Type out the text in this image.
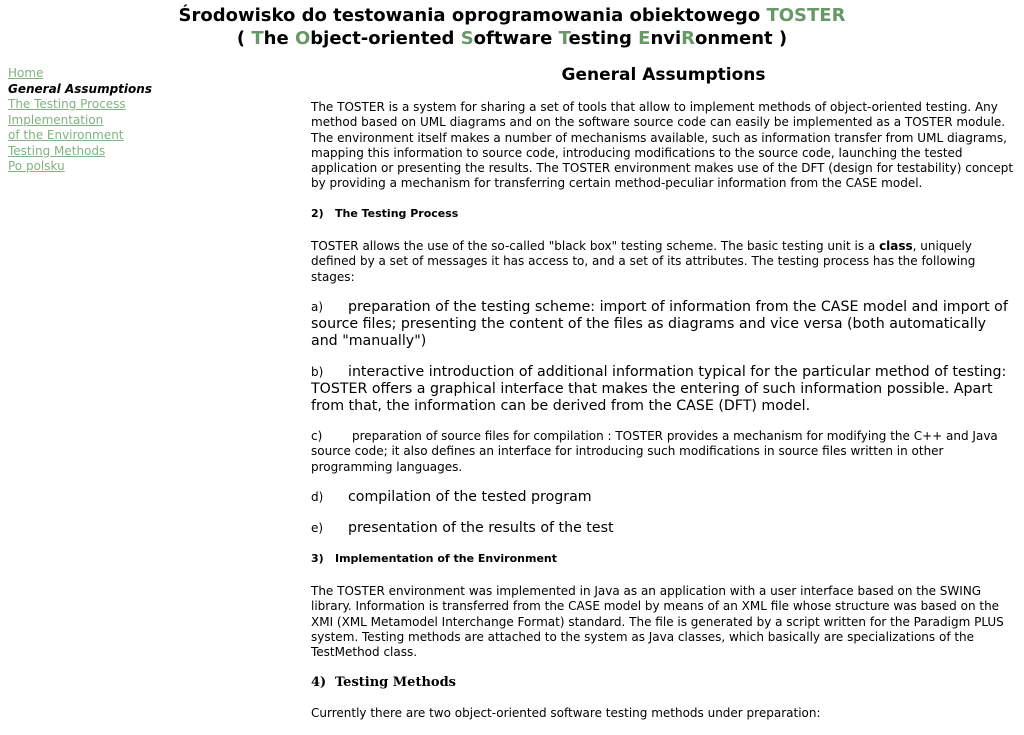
Środowisko do testowania oprogramowania obiektowego TOSTER
( The Object-oriented Software Testing EnviRonment )
Home
General Assumptions
The Testing Process
Implementation
of the Environment
Testing Methods
Po polsku
General Assumptions

The TOSTER is a system for sharing a set of tools that allow to implement methods of object-oriented testing. Any method based on UML diagrams and on the software source code can easily be implemented as a TOSTER module. The environment itself makes a number of mechanisms available, such as information transfer from UML diagrams, mapping this information to source code, introducing modifications to the source code, launching the tested application or presenting the results. The TOSTER environment makes use of the DFT (design for testability) concept by providing a mechanism for transferring certain method-peculiar information from the CASE model.

2) The Testing Process

TOSTER allows the use of the so-called "black box" testing scheme. The basic testing unit is a class, uniquely defined by a set of messages it has access to, and a set of its attributes. The testing process has the following stages:

a) preparation of the testing scheme: import of information from the CASE model and import of source files; presenting the content of the files as diagrams and vice versa (both automatically and "manually")

b) interactive introduction of additional information typical for the particular method of testing: TOSTER offers a graphical interface that makes the entering of such information possible. Apart from that, the information can be derived from the CASE (DFT) model.

c) preparation of source files for compilation : TOSTER provides a mechanism for modifying the C++ and Java source code; it also defines an interface for introducing such modifications in source files written in other programming languages.

d) compilation of the tested program

e) presentation of the results of the test

3) Implementation of the Environment

The TOSTER environment was implemented in Java as an application with a user interface based on the SWING library. Information is transferred from the CASE model by means of an XML file whose structure was based on the XMI (XML Metamodel Interchange Format) standard. The file is generated by a script written for the Paradigm PLUS system. Testing methods are attached to the system as Java classes, which basically are specializations of the TestMethod class.

4) Testing Methods

Currently there are two object-oriented software testing methods under preparation:
